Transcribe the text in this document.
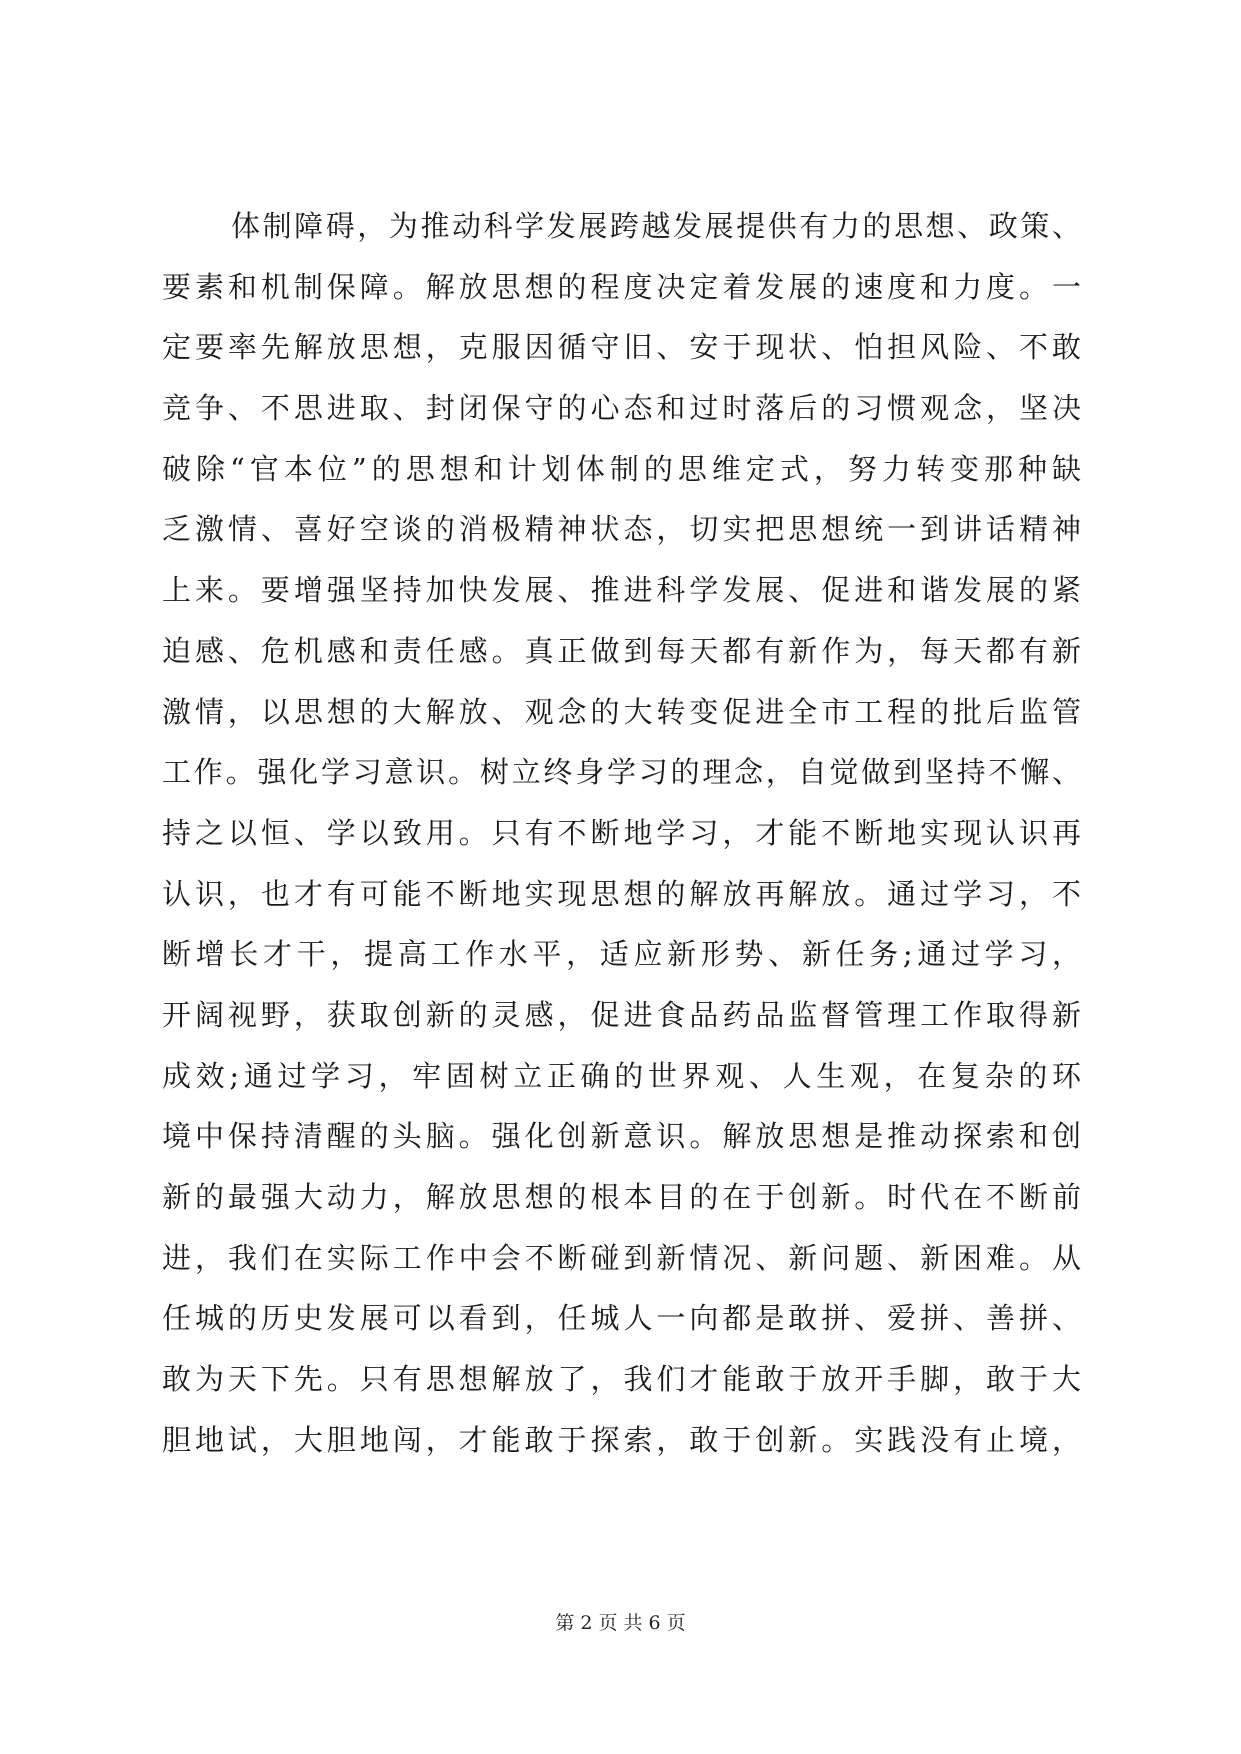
体制障碍，为推动科学发展跨越发展提供有力的思想、政策、
要素和机制保障。解放思想的程度决定着发展的速度和力度。一
定要率先解放思想，克服因循守旧、安于现状、怕担风险、不敢
竞争、不思进取、封闭保守的心态和过时落后的习惯观念，坚决
破除“官本位”的思想和计划体制的思维定式，努力转变那种缺
乏激情、喜好空谈的消极精神状态，切实把思想统一到讲话精神
上来。要增强坚持加快发展、推进科学发展、促进和谐发展的紧
迫感、危机感和责任感。真正做到每天都有新作为，每天都有新
激情，以思想的大解放、观念的大转变促进全市工程的批后监管
工作。强化学习意识。树立终身学习的理念，自觉做到坚持不懈、
持之以恒、学以致用。只有不断地学习，才能不断地实现认识再
认识，也才有可能不断地实现思想的解放再解放。通过学习，不
断增长才干，提高工作水平，适应新形势、新任务;通过学习，
开阔视野，获取创新的灵感，促进食品药品监督管理工作取得新
成效;通过学习，牢固树立正确的世界观、人生观，在复杂的环
境中保持清醒的头脑。强化创新意识。解放思想是推动探索和创
新的最强大动力，解放思想的根本目的在于创新。时代在不断前
进，我们在实际工作中会不断碰到新情况、新问题、新困难。从
任城的历史发展可以看到，任城人一向都是敢拼、爱拼、善拼、
敢为天下先。只有思想解放了，我们才能敢于放开手脚，敢于大
胆地试，大胆地闯，才能敢于探索，敢于创新。实践没有止境，
第 2 页 共 6 页
